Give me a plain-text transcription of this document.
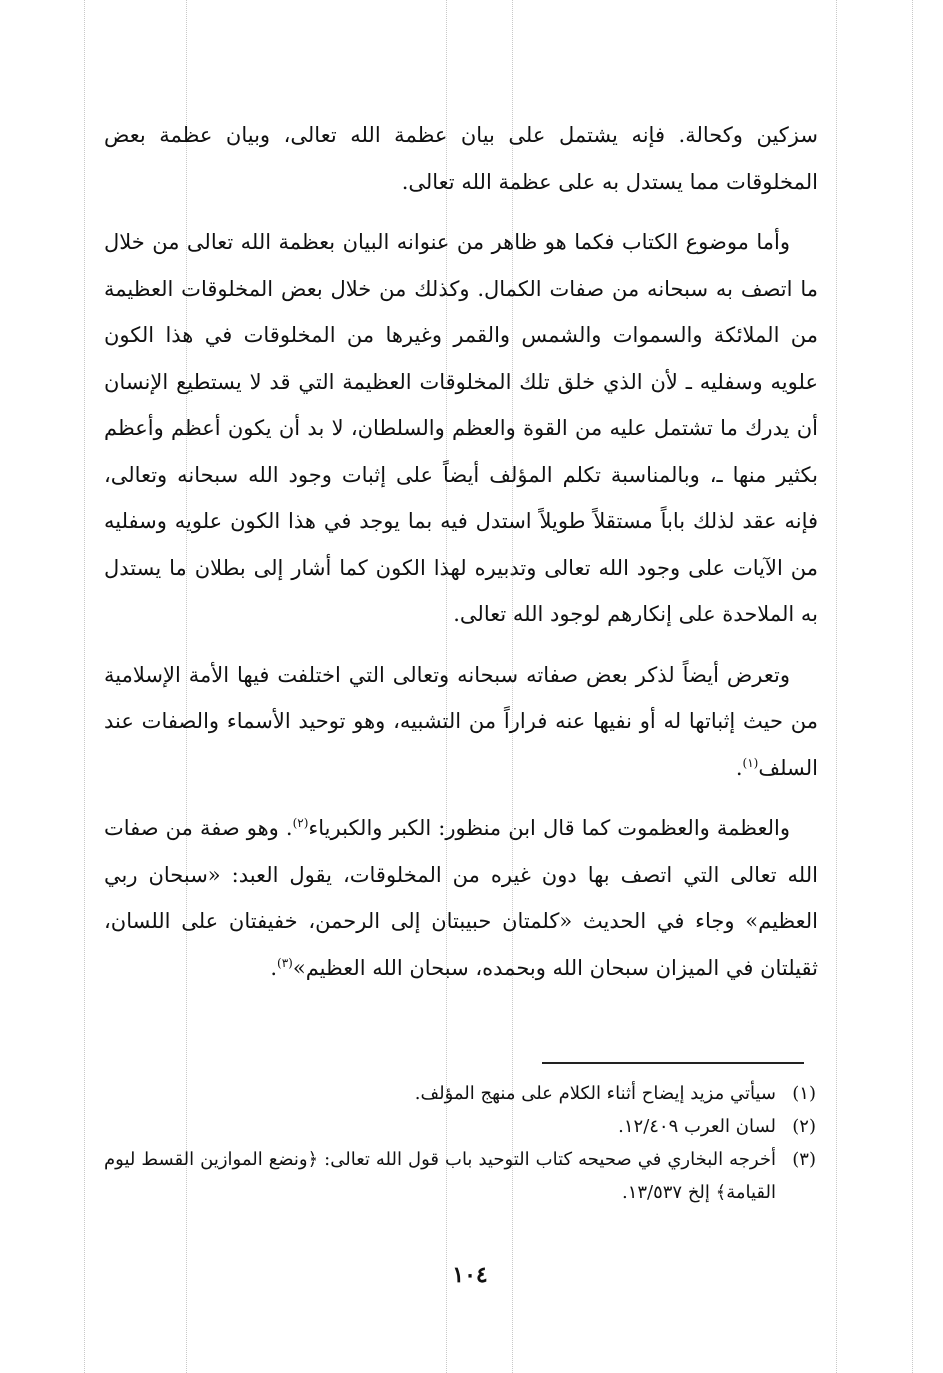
سزكين وكحالة. فإنه يشتمل على بيان عظمة الله تعالى، وبيان عظمة بعض المخلوقات مما يستدل به على عظمة الله تعالى.

وأما موضوع الكتاب فكما هو ظاهر من عنوانه البيان بعظمة الله تعالى من خلال ما اتصف به سبحانه من صفات الكمال. وكذلك من خلال بعض المخلوقات العظيمة من الملائكة والسموات والشمس والقمر وغيرها من المخلوقات في هذا الكون علويه وسفليه ـ لأن الذي خلق تلك المخلوقات العظيمة التي قد لا يستطيع الإنسان أن يدرك ما تشتمل عليه من القوة والعظم والسلطان، لا بد أن يكون أعظم وأعظم بكثير منها ـ، وبالمناسبة تكلم المؤلف أيضاً على إثبات وجود الله سبحانه وتعالى، فإنه عقد لذلك باباً مستقلاً طويلاً استدل فيه بما يوجد في هذا الكون علويه وسفليه من الآيات على وجود الله تعالى وتدبيره لهذا الكون كما أشار إلى بطلان ما يستدل به الملاحدة على إنكارهم لوجود الله تعالى.

وتعرض أيضاً لذكر بعض صفاته سبحانه وتعالى التي اختلفت فيها الأمة الإسلامية من حيث إثباتها له أو نفيها عنه فراراً من التشبيه، وهو توحيد الأسماء والصفات عند السلف$^{(١)}$.

والعظمة والعظموت كما قال ابن منظور: الكبر والكبرياء$^{(٢)}$. وهو صفة من صفات الله تعالى التي اتصف بها دون غيره من المخلوقات، يقول العبد: «سبحان ربي العظيم» وجاء في الحديث «كلمتان حبيبتان إلى الرحمن، خفيفتان على اللسان، ثقيلتان في الميزان سبحان الله وبحمده، سبحان الله العظيم»$^{(٣)}$.

(١)
سيأتي مزيد إيضاح أثناء الكلام على منهج المؤلف.
(٢)
لسان العرب ١٢/٤٠٩.
(٣)
أخرجه البخاري في صحيحه كتاب التوحيد باب قول الله تعالى: ﴿ونضع الموازين القسط ليوم القيامة﴾ إلخ ١٣/٥٣٧.
١٠٤
